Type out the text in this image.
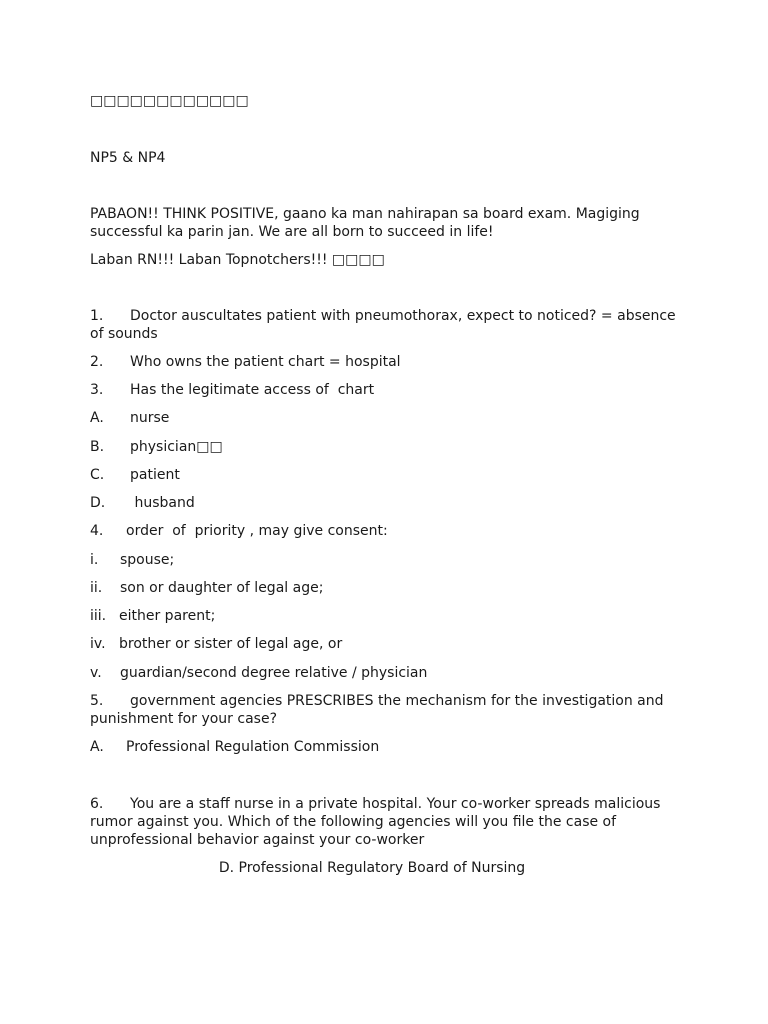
□□□□□□□□□□□□

NP5 & NP4

PABAON!! THINK POSITIVE, gaano ka man nahirapan sa board exam. Magiging successful ka parin jan. We are all born to succeed in life!

Laban RN!!! Laban Topnotchers!!! □□□□

1.	Doctor auscultates patient with pneumothorax, expect to noticed? = absence

of sounds

2.	Who owns the patient chart = hospital
3.	Has the legitimate access of  chart
A.	nurse
B.	physician□□
C.	patient
D.	husband
4.	order  of  priority , may give consent:
i.	spouse;
ii.	son or daughter of legal age;
iii. either parent;
iv. brother or sister of legal age, or
v.	guardian/second degree relative / physician
5.	government agencies PRESCRIBES the mechanism for the investigation and

punishment for your case?

A.	Professional Regulation Commission
6.	You are a staff nurse in a private hospital. Your co-worker spreads malicious

rumor against you. Which of the following agencies will you file the case of

unprofessional behavior against your co-worker

D. Professional Regulatory Board of Nursing
